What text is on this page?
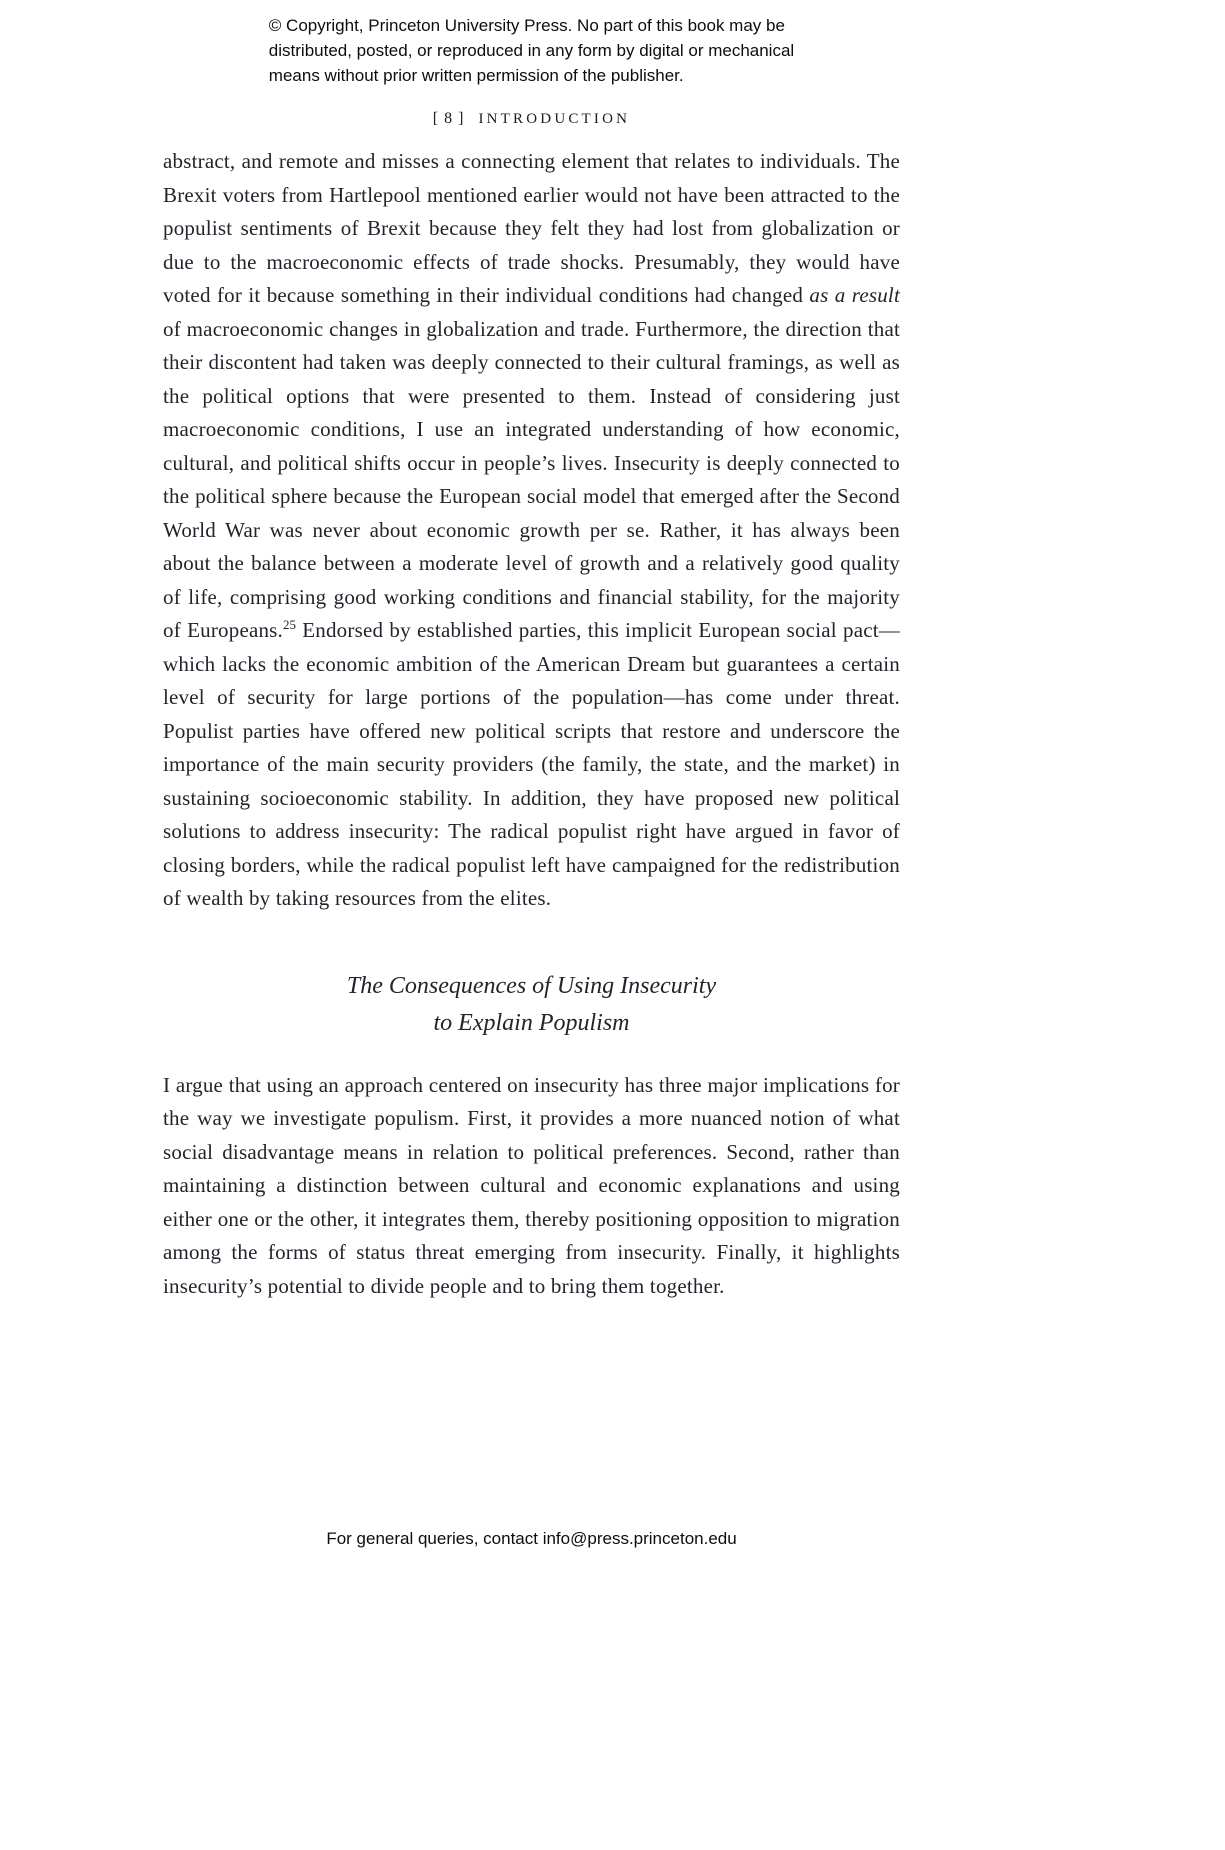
© Copyright, Princeton University Press. No part of this book may be
distributed, posted, or reproduced in any form by digital or mechanical
means without prior written permission of the publisher.
[ 8 ] INTRODUCTION

abstract, and remote and misses a connecting element that relates to individuals. The Brexit voters from Hartlepool mentioned earlier would not have been attracted to the populist sentiments of Brexit because they felt they had lost from globalization or due to the macroeconomic effects of trade shocks. Presumably, they would have voted for it because something in their individual conditions had changed as a result of macroeconomic changes in globalization and trade. Furthermore, the direction that their discontent had taken was deeply connected to their cultural framings, as well as the political options that were presented to them. Instead of considering just macroeconomic conditions, I use an integrated understanding of how economic, cultural, and political shifts occur in people’s lives. Insecurity is deeply connected to the political sphere because the European social model that emerged after the Second World War was never about economic growth per se. Rather, it has always been about the balance between a moderate level of growth and a relatively good quality of life, comprising good working conditions and financial stability, for the majority of Europeans.$^{25}$ Endorsed by established parties, this implicit European social pact—which lacks the economic ambition of the American Dream but guarantees a certain level of security for large portions of the population—has come under threat. Populist parties have offered new political scripts that restore and underscore the importance of the main security providers (the family, the state, and the market) in sustaining socioeconomic stability. In addition, they have proposed new political solutions to address insecurity: The radical populist right have argued in favor of closing borders, while the radical populist left have campaigned for the redistribution of wealth by taking resources from the elites.

The Consequences of Using Insecurity
to Explain Populism

I argue that using an approach centered on insecurity has three major implications for the way we investigate populism. First, it provides a more nuanced notion of what social disadvantage means in relation to political preferences. Second, rather than maintaining a distinction between cultural and economic explanations and using either one or the other, it integrates them, thereby positioning opposition to migration among the forms of status threat emerging from insecurity. Finally, it highlights insecurity’s potential to divide people and to bring them together.

For general queries, contact info@press.princeton.edu
